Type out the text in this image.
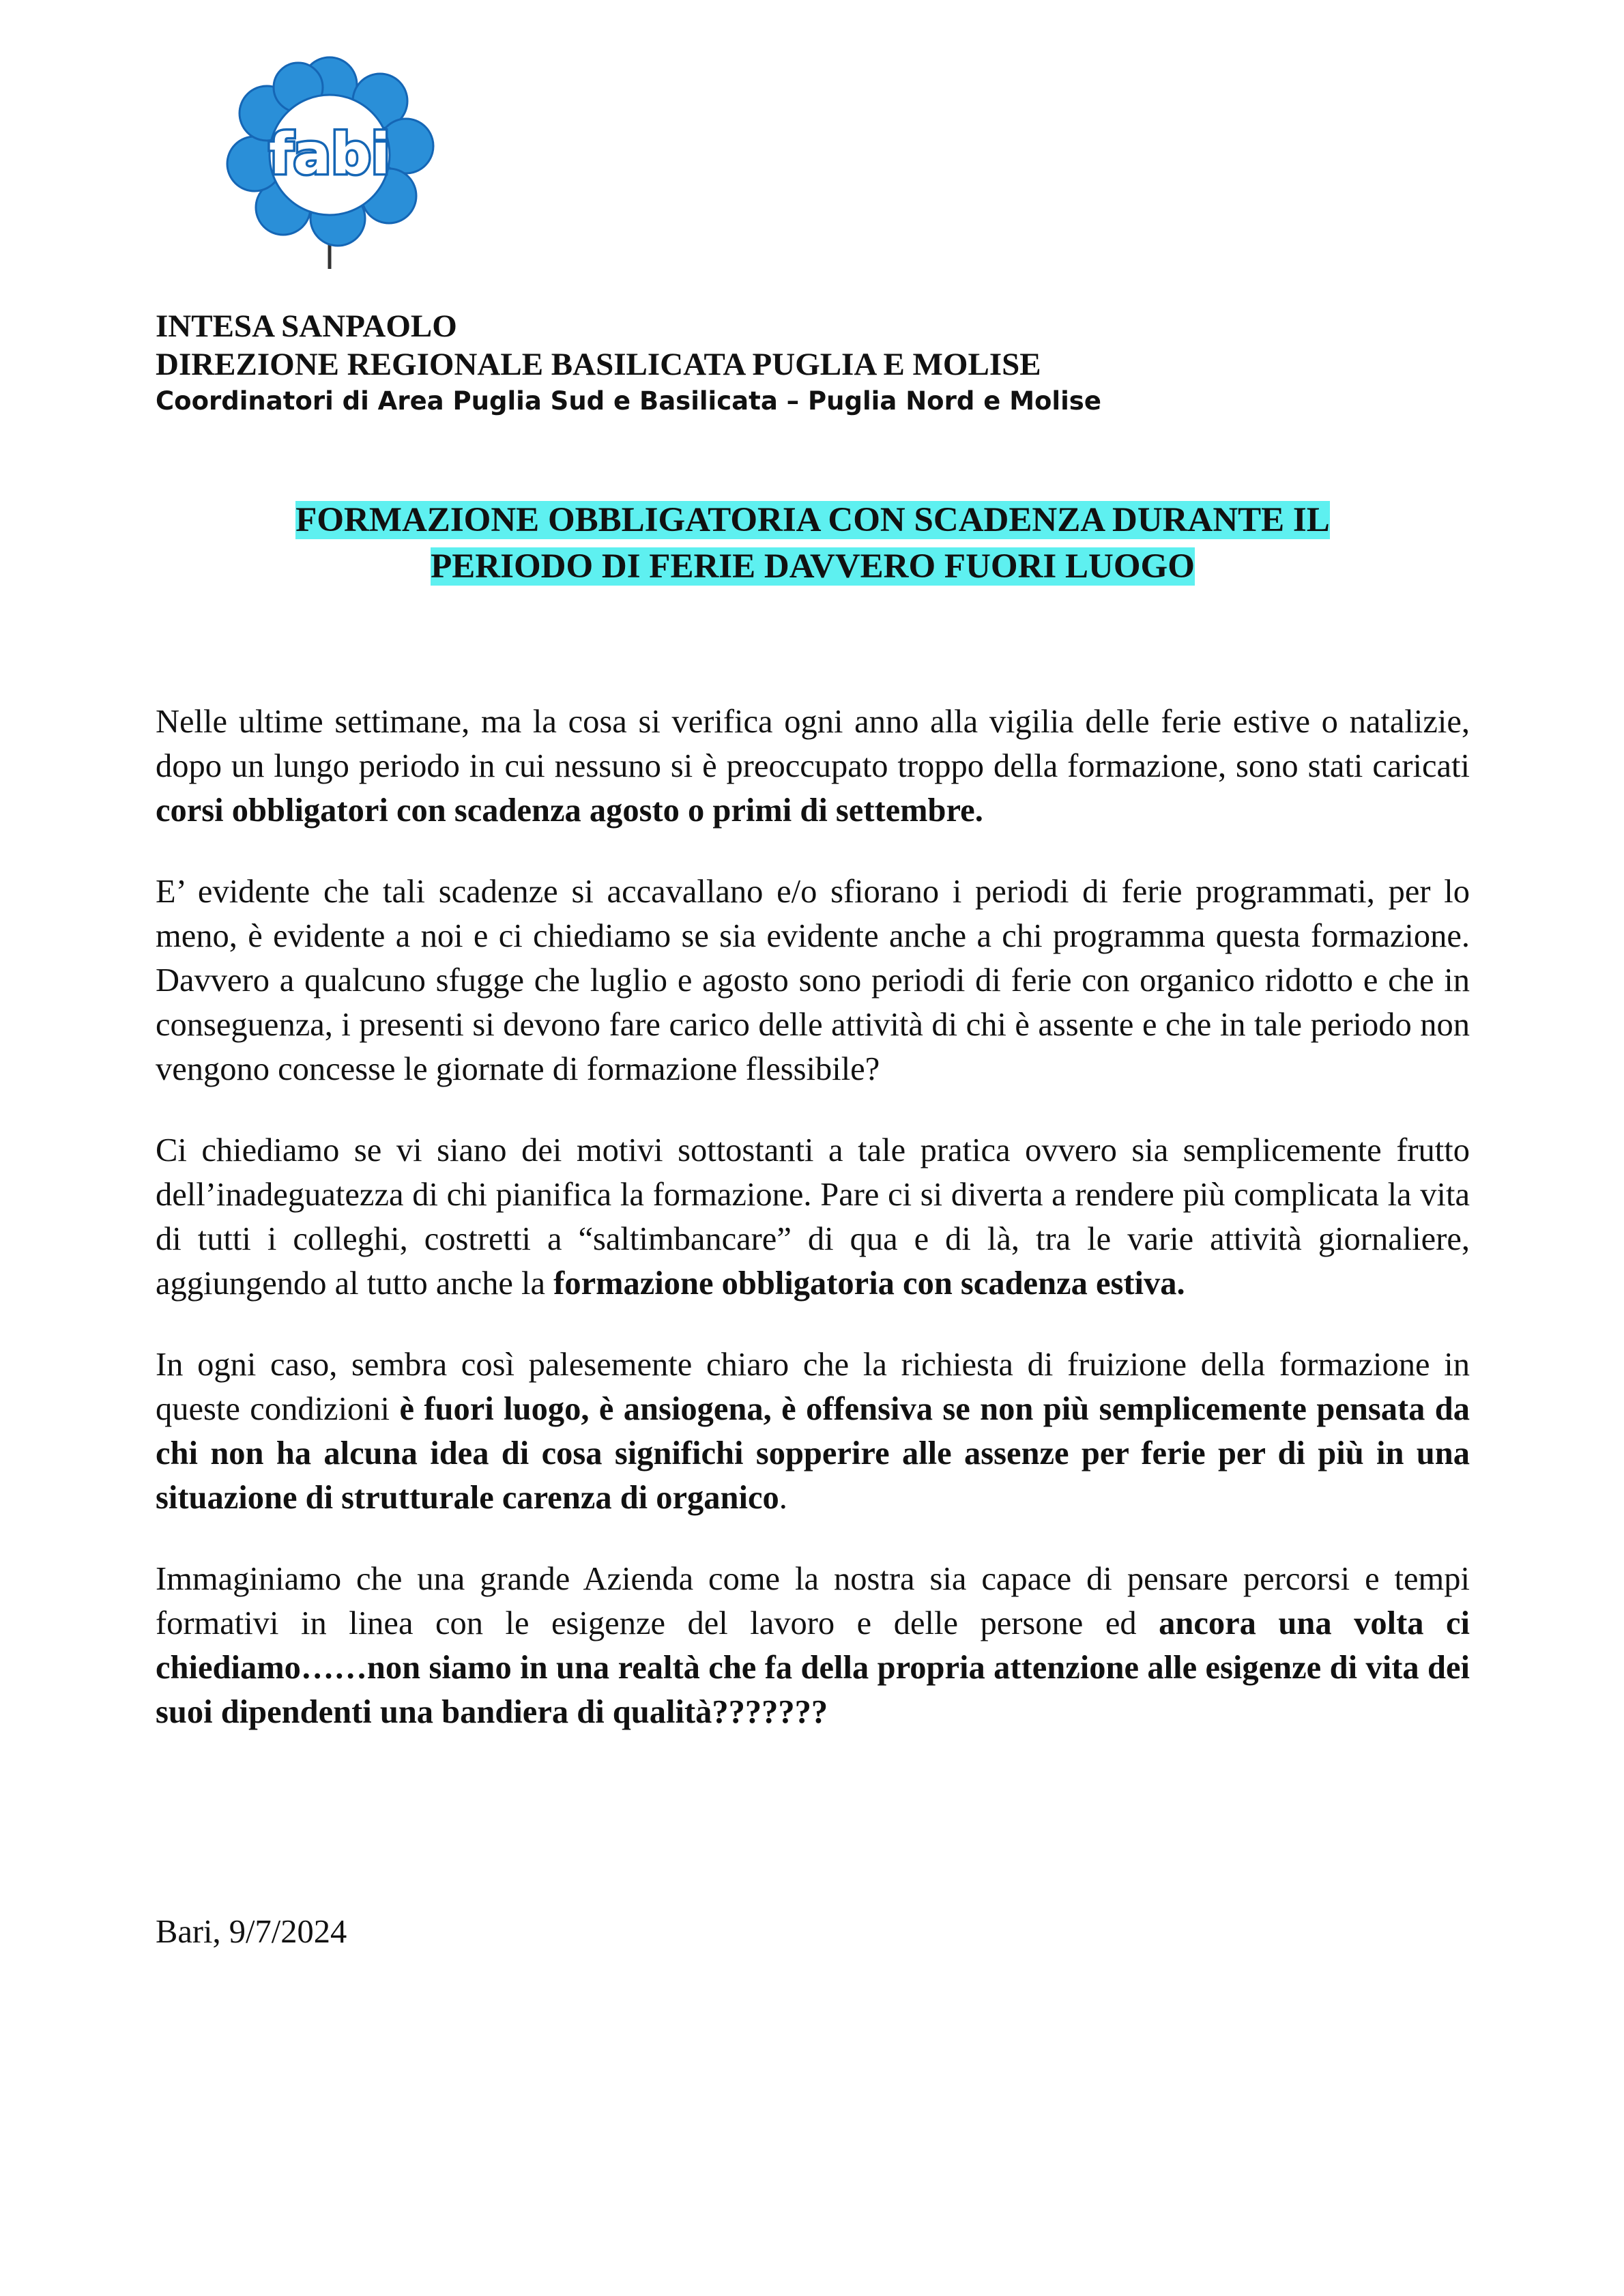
fabi
INTESA SANPAOLO
DIREZIONE REGIONALE BASILICATA PUGLIA E MOLISE
Coordinatori di Area Puglia Sud e Basilicata – Puglia Nord e Molise
FORMAZIONE OBBLIGATORIA CON SCADENZA DURANTE IL
PERIODO DI FERIE DAVVERO FUORI LUOGO

Nelle ultime settimane, ma la cosa si verifica ogni anno alla vigilia delle ferie estive o natalizie, dopo un lungo periodo in cui nessuno si è preoccupato troppo della formazione, sono stati caricati corsi obbligatori con scadenza agosto o primi di settembre.

E’ evidente che tali scadenze si accavallano e/o sfiorano i periodi di ferie programmati, per lo meno, è evidente a noi e ci chiediamo se sia evidente anche a chi programma questa formazione. Davvero a qualcuno sfugge che luglio e agosto sono periodi di ferie con organico ridotto e che in conseguenza, i presenti si devono fare carico delle attività di chi è assente e che in tale periodo non vengono concesse le giornate di formazione flessibile?

Ci chiediamo se vi siano dei motivi sottostanti a tale pratica ovvero sia semplicemente frutto dell’inadeguatezza di chi pianifica la formazione. Pare ci si diverta a rendere più complicata la vita di tutti i colleghi, costretti a “saltimbancare” di qua e di là, tra le varie attività giornaliere, aggiungendo al tutto anche la formazione obbligatoria con scadenza estiva.

In ogni caso, sembra così palesemente chiaro che la richiesta di fruizione della formazione in queste condizioni è fuori luogo, è ansiogena, è offensiva se non più semplicemente pensata da chi non ha alcuna idea di cosa significhi sopperire alle assenze per ferie per di più in una situazione di strutturale carenza di organico.

Immaginiamo che una grande Azienda come la nostra sia capace di pensare percorsi e tempi formativi in linea con le esigenze del lavoro e delle persone ed ancora una volta ci chiediamo……non siamo in una realtà che fa della propria attenzione alle esigenze di vita dei suoi dipendenti una bandiera di qualità???????

Bari, 9/7/2024
